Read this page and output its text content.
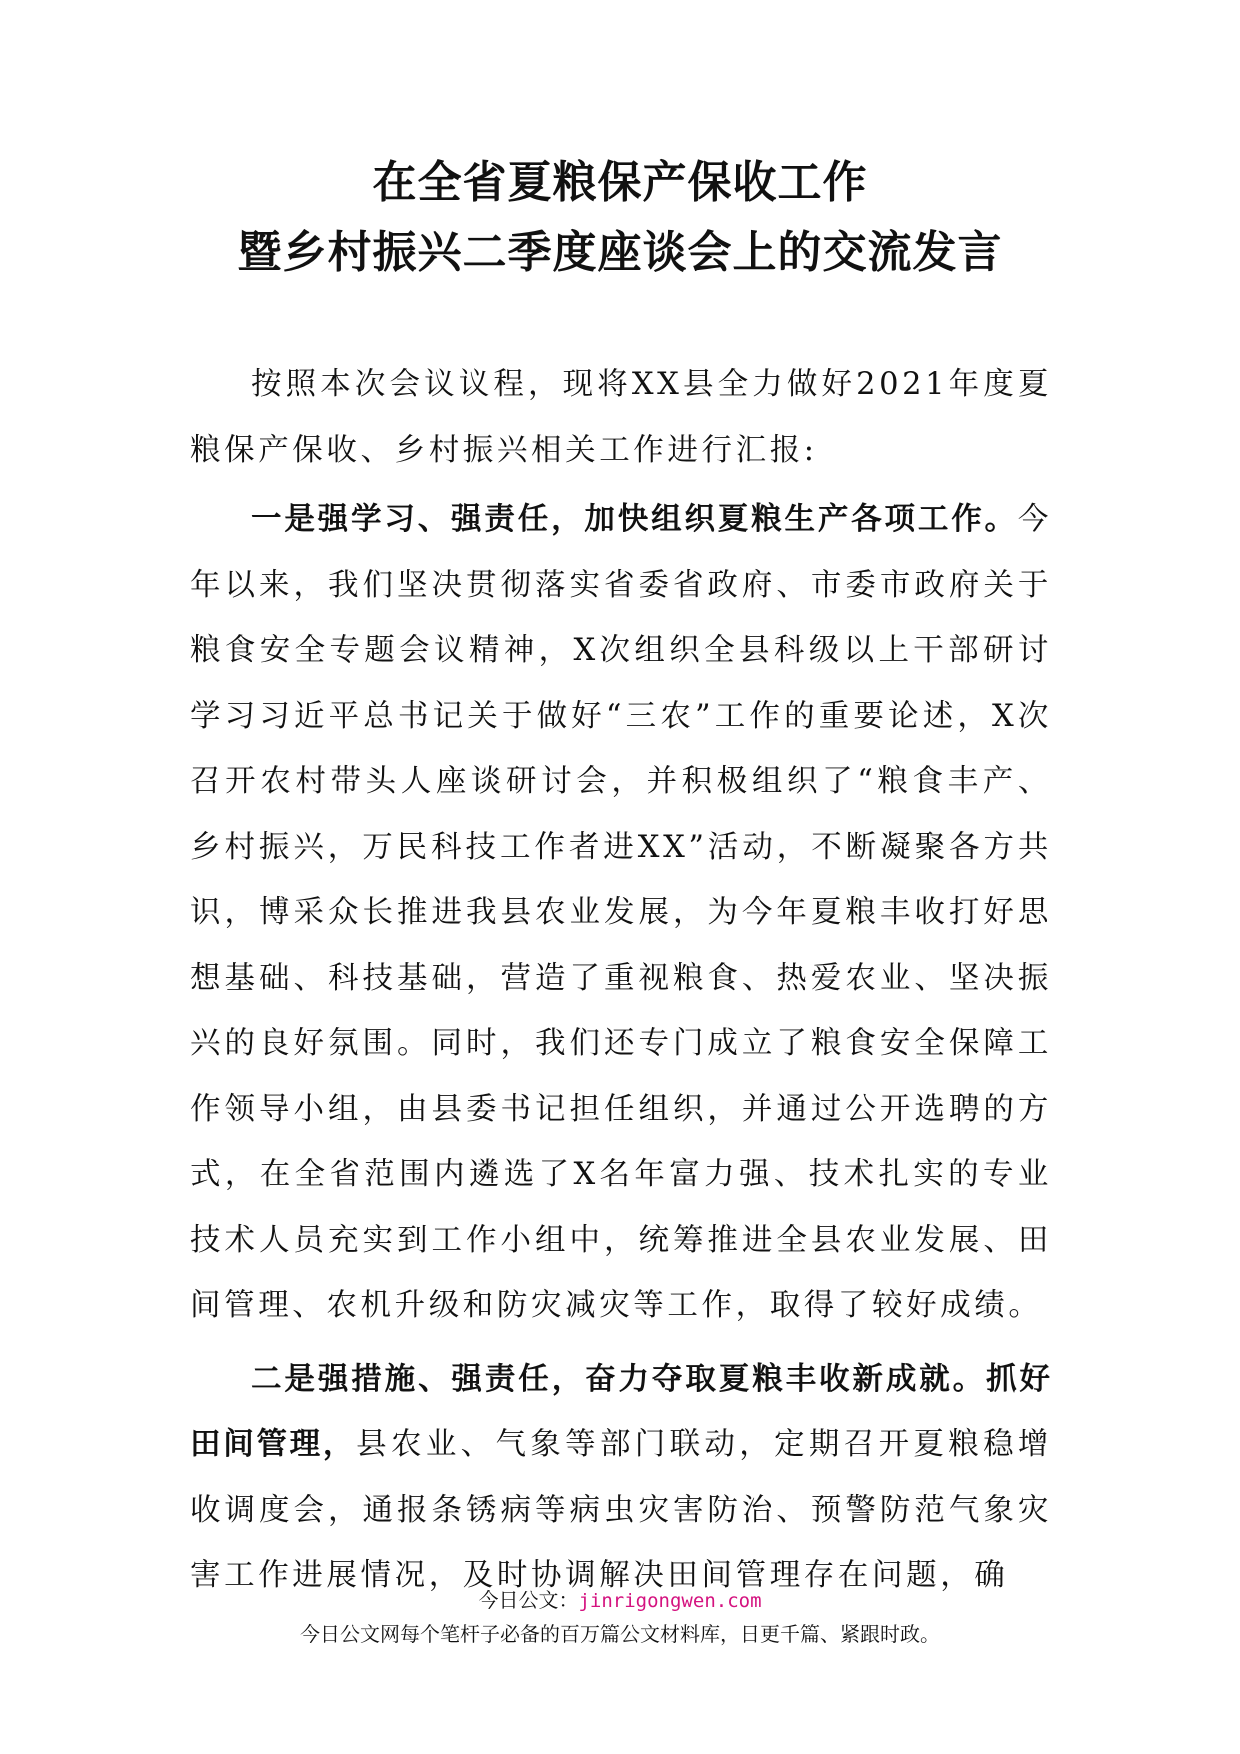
在全省夏粮保产保收工作
暨乡村振兴二季度座谈会上的交流发言

按照本次会议议程，现将XX县全力做好2021年度夏粮保产保收、乡村振兴相关工作进行汇报:

一是强学习、强责任，加快组织夏粮生产各项工作。今年以来，我们坚决贯彻落实省委省政府、市委市政府关于粮食安全专题会议精神，X次组织全县科级以上干部研讨学习习近平总书记关于做好“三农”工作的重要论述，X次召开农村带头人座谈研讨会，并积极组织了“粮食丰产、乡村振兴，万民科技工作者进XX”活动，不断凝聚各方共识，博采众长推进我县农业发展，为今年夏粮丰收打好思想基础、科技基础，营造了重视粮食、热爱农业、坚决振兴的良好氛围。同时，我们还专门成立了粮食安全保障工作领导小组，由县委书记担任组织，并通过公开选聘的方式，在全省范围内遴选了X名年富力强、技术扎实的专业技术人员充实到工作小组中，统筹推进全县农业发展、田间管理、农机升级和防灾减灾等工作，取得了较好成绩。

二是强措施、强责任，奋力夺取夏粮丰收新成就。抓好田间管理，县农业、气象等部门联动，定期召开夏粮稳增收调度会，通报条锈病等病虫灾害防治、预警防范气象灾害工作进展情况，及时协调解决田间管理存在问题，确

今日公文：jinrigongwen.com
今日公文网每个笔杆子必备的百万篇公文材料库，日更千篇、紧跟时政。
